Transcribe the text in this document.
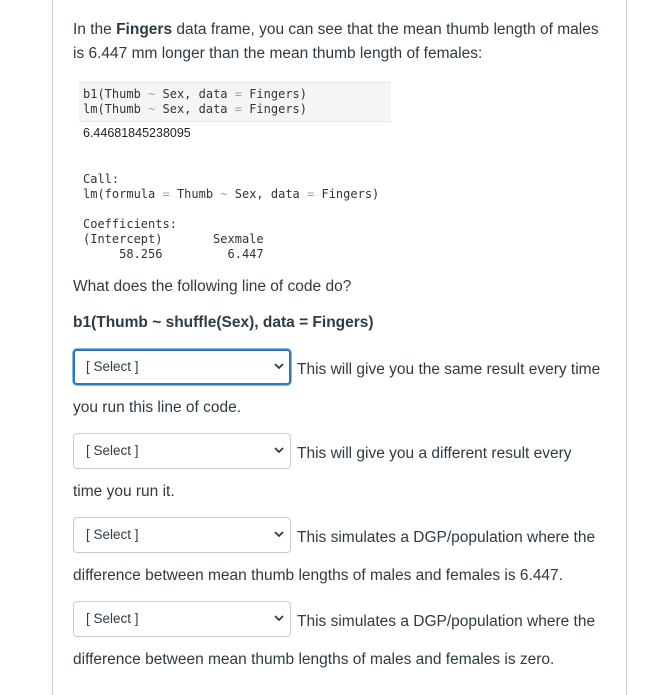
In the Fingers data frame, you can see that the mean thumb length of males is 6.447 mm longer than the mean thumb length of females:

b1(Thumb ~ Sex, data = Fingers)
lm(Thumb ~ Sex, data = Fingers)
6.44681845238095
Call:
lm(formula = Thumb ~ Sex, data = Fingers)
Coefficients:
(Intercept)       Sexmale
58.256         6.447

What does the following line of code do?

b1(Thumb ~ shuffle(Sex), data = Fingers)

[ Select ]	This will give you the same result every time
you run this line of code.
[ Select ]	This will give you a different result every
time you run it.
[ Select ]	This simulates a DGP/population where the
difference between mean thumb lengths of males and females is 6.447.
[ Select ]	This simulates a DGP/population where the
difference between mean thumb lengths of males and females is zero.
